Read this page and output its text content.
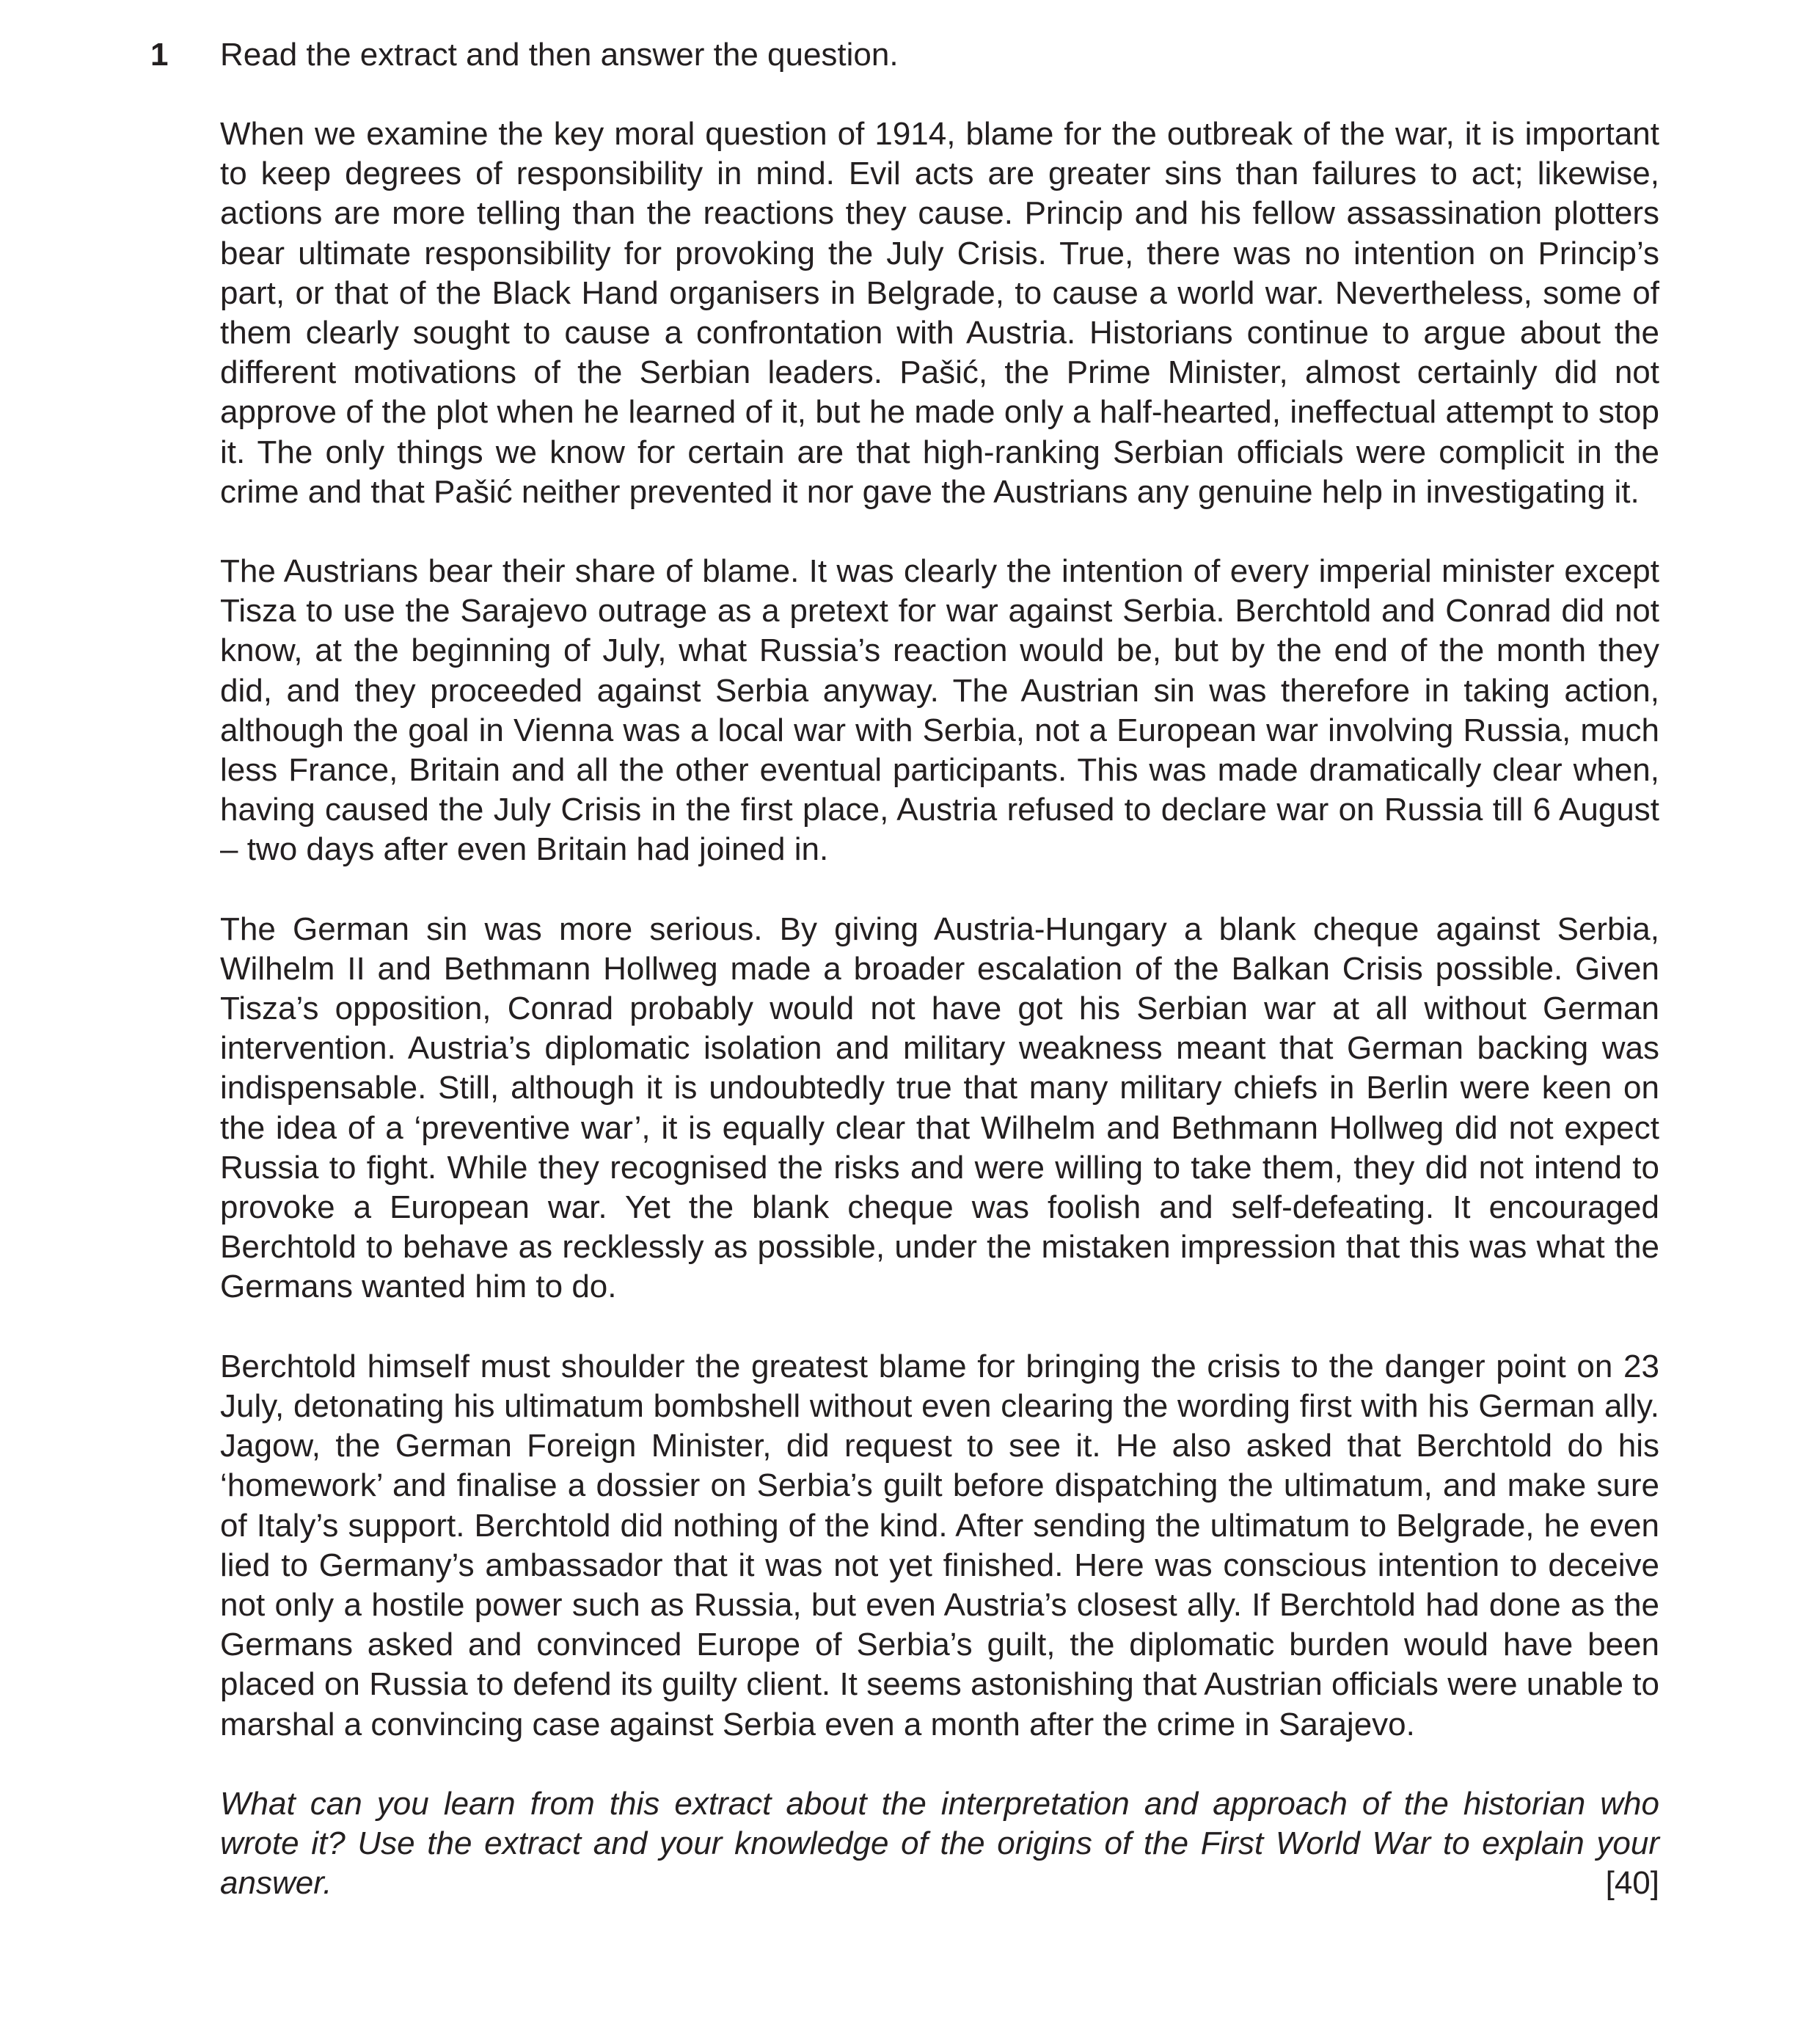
1 Read the extract and then answer the question.

When we examine the key moral question of 1914, blame for the outbreak of the war, it is important to keep degrees of responsibility in mind. Evil acts are greater sins than failures to act; likewise, actions are more telling than the reactions they cause. Princip and his fellow assassination plotters bear ultimate responsibility for provoking the July Crisis. True, there was no intention on Princip’s part, or that of the Black Hand organisers in Belgrade, to cause a world war. Nevertheless, some of them clearly sought to cause a confrontation with Austria. Historians continue to argue about the different motivations of the Serbian leaders. Pašić, the Prime Minister, almost certainly did not approve of the plot when he learned of it, but he made only a half-hearted, ineffectual attempt to stop it. The only things we know for certain are that high-ranking Serbian officials were complicit in the crime and that Pašić neither prevented it nor gave the Austrians any genuine help in investigating it.

The Austrians bear their share of blame. It was clearly the intention of every imperial minister except Tisza to use the Sarajevo outrage as a pretext for war against Serbia. Berchtold and Conrad did not know, at the beginning of July, what Russia’s reaction would be, but by the end of the month they did, and they proceeded against Serbia anyway. The Austrian sin was therefore in taking action, although the goal in Vienna was a local war with Serbia, not a European war involving Russia, much less France, Britain and all the other eventual participants. This was made dramatically clear when, having caused the July Crisis in the first place, Austria refused to declare war on Russia till 6 August – two days after even Britain had joined in.

The German sin was more serious. By giving Austria-Hungary a blank cheque against Serbia, Wilhelm II and Bethmann Hollweg made a broader escalation of the Balkan Crisis possible. Given Tisza’s opposition, Conrad probably would not have got his Serbian war at all without German intervention. Austria’s diplomatic isolation and military weakness meant that German backing was indispensable. Still, although it is undoubtedly true that many military chiefs in Berlin were keen on the idea of a ‘preventive war’, it is equally clear that Wilhelm and Bethmann Hollweg did not expect Russia to fight. While they recognised the risks and were willing to take them, they did not intend to provoke a European war. Yet the blank cheque was foolish and self-defeating. It encouraged Berchtold to behave as recklessly as possible, under the mistaken impression that this was what the Germans wanted him to do.

Berchtold himself must shoulder the greatest blame for bringing the crisis to the danger point on 23 July, detonating his ultimatum bombshell without even clearing the wording first with his German ally. Jagow, the German Foreign Minister, did request to see it. He also asked that Berchtold do his ‘homework’ and finalise a dossier on Serbia’s guilt before dispatching the ultimatum, and make sure of Italy’s support. Berchtold did nothing of the kind. After sending the ultimatum to Belgrade, he even lied to Germany’s ambassador that it was not yet finished. Here was conscious intention to deceive not only a hostile power such as Russia, but even Austria’s closest ally. If Berchtold had done as the Germans asked and convinced Europe of Serbia’s guilt, the diplomatic burden would have been placed on Russia to defend its guilty client. It seems astonishing that Austrian officials were unable to marshal a convincing case against Serbia even a month after the crime in Sarajevo.

What can you learn from this extract about the interpretation and approach of the historian who wrote it? Use the extract and your knowledge of the origins of the First World War to explain your answer.	[40]
